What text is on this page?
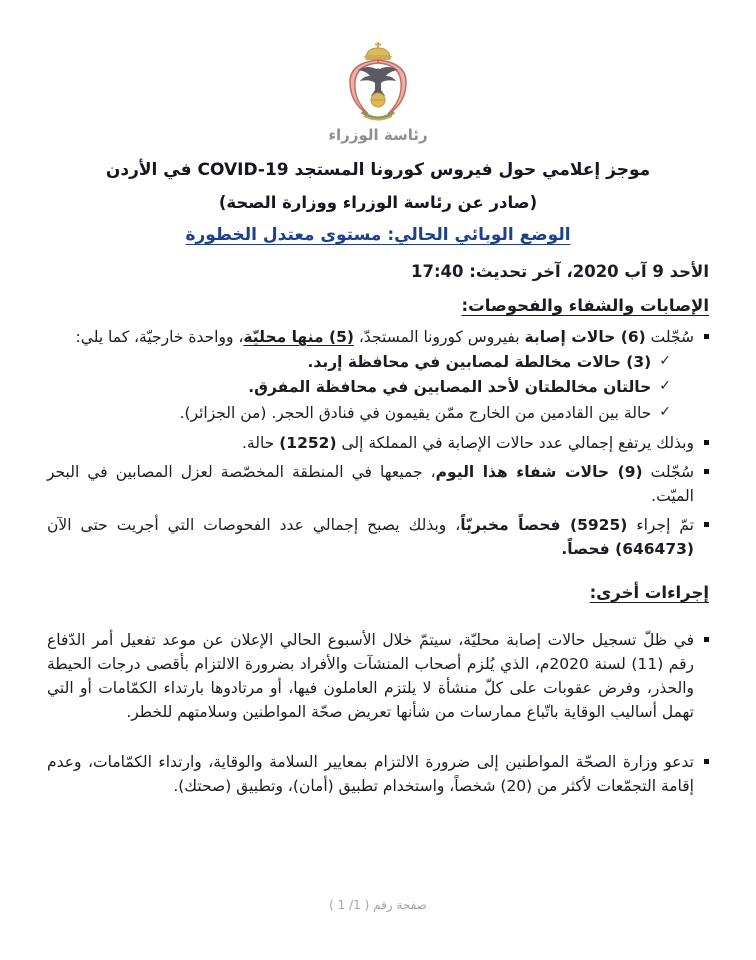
رئاسة الوزراء
موجز إعلامي حول فيروس كورونا المستجد COVID-19 في الأردن
(صادر عن رئاسة الوزراء ووزارة الصحة)
الوضع الوبائي الحالي: مستوى معتدل الخطورة
الأحد 9 آب 2020، آخر تحديث: 17:40
الإصابات والشفاء والفحوصات:
سُجّلت (6) حالات إصابة بفيروس كورونا المستجدّ، (5) منها محليّة، وواحدة خارجيّة، كما يلي:
✓
(3) حالات مخالطة لمصابين في محافظة إربد.
✓
حالتان مخالطتان لأحد المصابين في محافظة المفرق.
✓
حالة بين القادمين من الخارج ممّن يقيمون في فنادق الحجر. (من الجزائر).
وبذلك يرتفع إجمالي عدد حالات الإصابة في المملكة إلى (1252) حالة.
سُجّلت (9) حالات شفاء هذا اليوم، جميعها في المنطقة المخصّصة لعزل المصابين في البحر الميّت.
تمّ إجراء (5925) فحصاً مخبريّاً، وبذلك يصبح إجمالي عدد الفحوصات التي أجريت حتى الآن (646473) فحصاً.
إجراءات أخرى:
في ظلّ تسجيل حالات إصابة محليّة، سيتمّ خلال الأسبوع الحالي الإعلان عن موعد تفعيل أمر الدّفاع رقم (11) لسنة 2020م، الذي يُلزم أصحاب المنشآت والأفراد بضرورة الالتزام بأقصى درجات الحيطة والحذر، وفرض عقوبات على كلّ منشأة لا يلتزم العاملون فيها، أو مرتادوها بارتداء الكمّامات أو التي تهمل أساليب الوقاية باتّباع ممارسات من شأنها تعريض صحّة المواطنين وسلامتهم للخطر.
تدعو وزارة الصحّة المواطنين إلى ضرورة الالتزام بمعايير السلامة والوقاية، وارتداء الكمّامات، وعدم إقامة التجمّعات لأكثر من (20) شخصاً، واستخدام تطبيق (أمان)، وتطبيق (صحتك).
صفحة رقم ( 1/ 1 )
